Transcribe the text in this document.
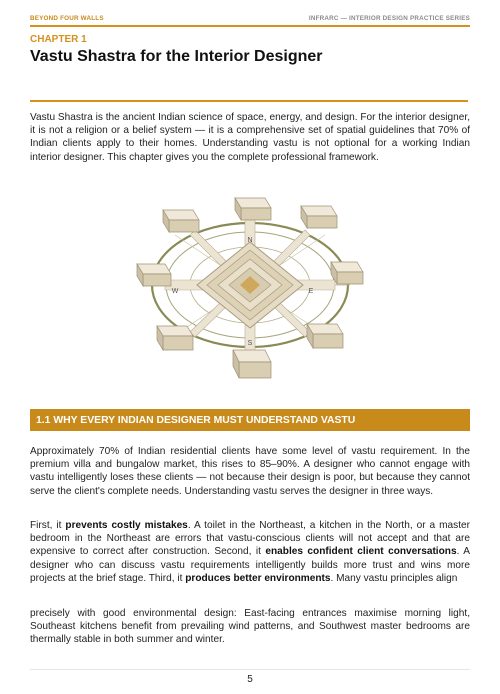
BEYOND FOUR WALLS	INFRARC — INTERIOR DESIGN PRACTICE SERIES
CHAPTER 1
Vastu Shastra for the Interior Designer

Vastu Shastra is the ancient Indian science of space, energy, and design. For the interior designer, it is not a religion or a belief system — it is a comprehensive set of spatial guidelines that 70% of Indian clients apply to their homes. Understanding vastu is not optional for a working Indian interior designer. This chapter gives you the complete professional framework.

N
E
S
W
1.1 WHY EVERY INDIAN DESIGNER MUST UNDERSTAND VASTU

Approximately 70% of Indian residential clients have some level of vastu requirement. In the premium villa and bungalow market, this rises to 85–90%. A designer who cannot engage with vastu intelligently loses these clients — not because their design is poor, but because they cannot serve the client's complete needs. Understanding vastu serves the designer in three ways.

First, it prevents costly mistakes. A toilet in the Northeast, a kitchen in the North, or a master bedroom in the Northeast are errors that vastu-conscious clients will not accept and that are expensive to correct after construction. Second, it enables confident client conversations. A designer who can discuss vastu requirements intelligently builds more trust and wins more projects at the brief stage. Third, it produces better environments. Many vastu principles align

precisely with good environmental design: East-facing entrances maximise morning light, Southeast kitchens benefit from prevailing wind patterns, and Southwest master bedrooms are thermally stable in both summer and winter.

5
